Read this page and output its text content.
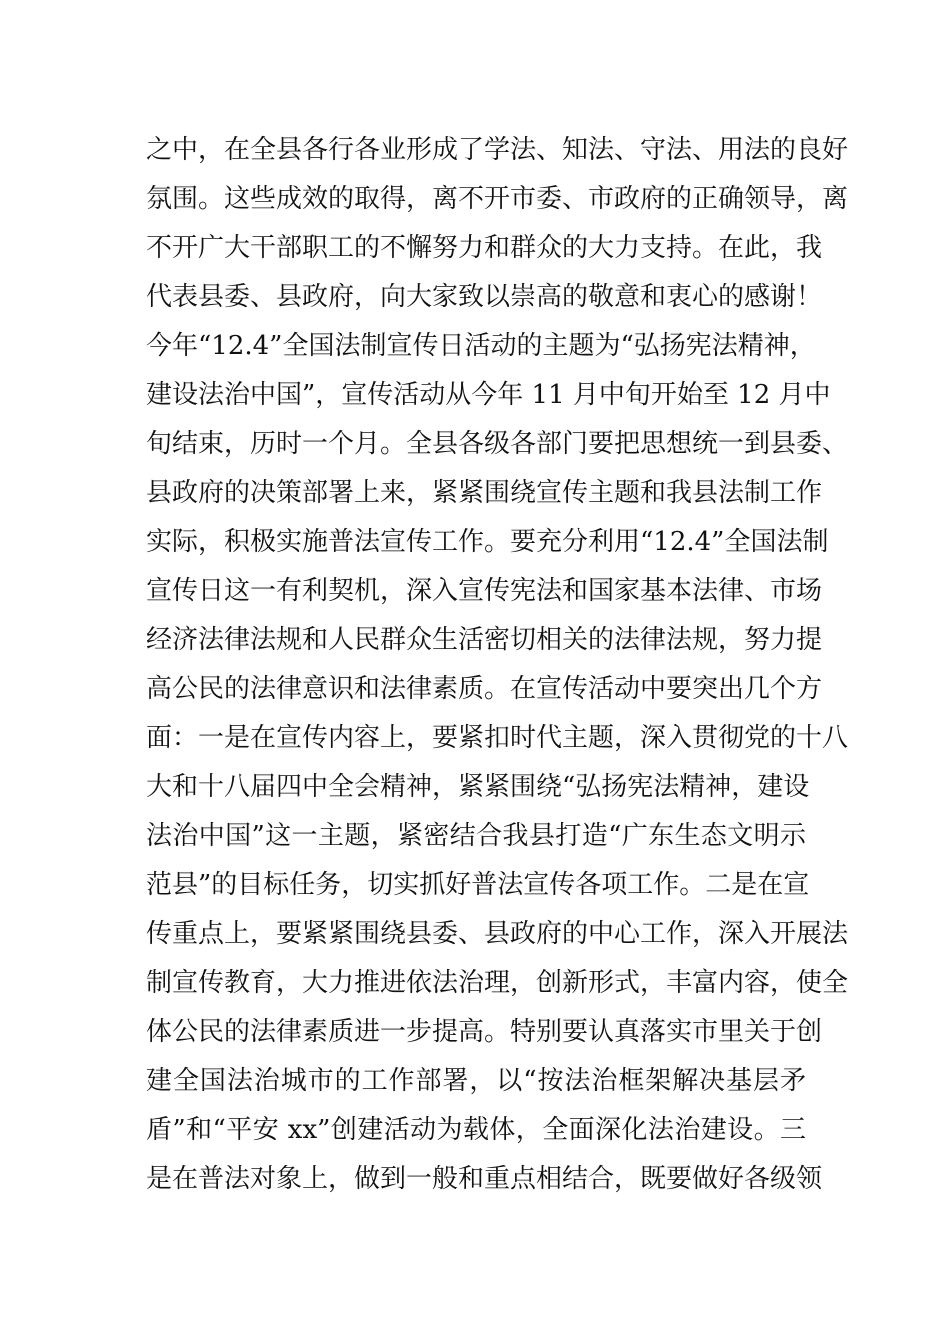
之中，在全县各行各业形成了学法、知法、守法、用法的良好
氛围。这些成效的取得，离不开市委、市政府的正确领导，离
不开广大干部职工的不懈努力和群众的大力支持。在此，我
代表县委、县政府，向大家致以崇高的敬意和衷心的感谢！
今年“12.4”全国法制宣传日活动的主题为“弘扬宪法精神，
建设法治中国”，宣传活动从今年 11 月中旬开始至 12 月中
旬结束，历时一个月。全县各级各部门要把思想统一到县委、
县政府的决策部署上来，紧紧围绕宣传主题和我县法制工作
实际，积极实施普法宣传工作。要充分利用“12.4”全国法制
宣传日这一有利契机，深入宣传宪法和国家基本法律、市场
经济法律法规和人民群众生活密切相关的法律法规，努力提
高公民的法律意识和法律素质。在宣传活动中要突出几个方
面：一是在宣传内容上，要紧扣时代主题，深入贯彻党的十八
大和十八届四中全会精神，紧紧围绕“弘扬宪法精神，建设
法治中国”这一主题，紧密结合我县打造“广东生态文明示
范县”的目标任务，切实抓好普法宣传各项工作。二是在宣
传重点上，要紧紧围绕县委、县政府的中心工作，深入开展法
制宣传教育，大力推进依法治理，创新形式，丰富内容，使全
体公民的法律素质进一步提高。特别要认真落实市里关于创
建全国法治城市的工作部署，以“按法治框架解决基层矛
盾”和“平安 xx”创建活动为载体，全面深化法治建设。三
是在普法对象上，做到一般和重点相结合，既要做好各级领
